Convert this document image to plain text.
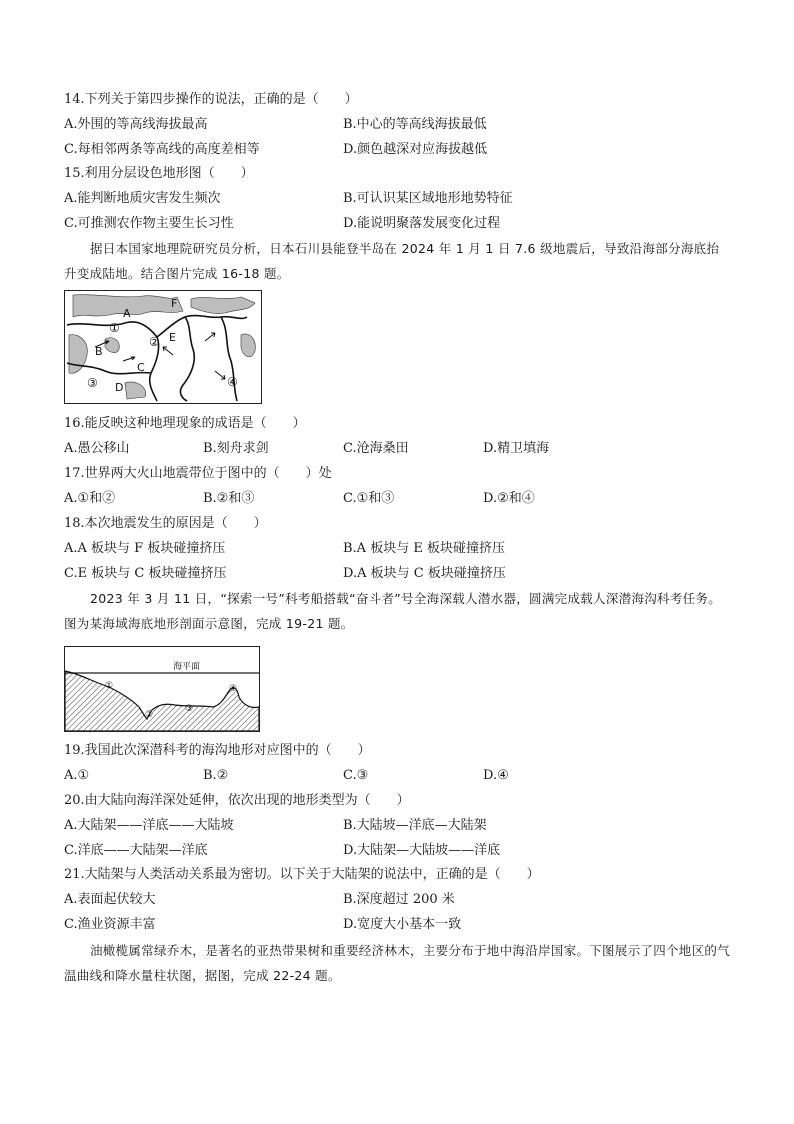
14.下列关于第四步操作的说法，正确的是（　　）
A.外围的等高线海拔最高	B.中心的等高线海拔最低
C.每相邻两条等高线的高度差相等	D.颜色越深对应海拔越低
15.利用分层设色地形图（　　）
A.能判断地质灾害发生频次	B.可认识某区域地形地势特征
C.可推测农作物主要生长习性	D.能说明聚落发展变化过程
据日本国家地理院研究员分析，日本石川县能登半岛在 2024 年 1 月 1 日 7.6 级地震后，导致沿海部分海底抬升变成陆地。结合图片完成 16-18 题。
A
B
C
D
E
F
①
②
③	④
16.能反映这种地理现象的成语是（　　）
A.愚公移山	B.刻舟求剑	C.沧海桑田	D.精卫填海
17.世界两大火山地震带位于图中的（　　）处
A.①和②	B.②和③	C.①和③	D.②和④
18.本次地震发生的原因是（　　）
A.A 板块与 F 板块碰撞挤压	B.A 板块与 E 板块碰撞挤压
C.E 板块与 C 板块碰撞挤压	D.A 板块与 C 板块碰撞挤压
2023 年 3 月 11 日，“探索一号”科考船搭载“奋斗者”号全海深载人潜水器，圆满完成载人深潜海沟科考任务。图为某海域海底地形剖面示意图，完成 19-21 题。
海平面
①
②
③
④
19.我国此次深潜科考的海沟地形对应图中的（　　）
A.①	B.②	C.③	D.④
20.由大陆向海洋深处延伸，依次出现的地形类型为（　　）
A.大陆架——洋底——大陆坡	B.大陆坡—洋底—大陆架
C.洋底——大陆架—洋底	D.大陆架—大陆坡——洋底
21.大陆架与人类活动关系最为密切。以下关于大陆架的说法中，正确的是（　　）
A.表面起伏较大	B.深度超过 200 米
C.渔业资源丰富	D.宽度大小基本一致
油橄榄属常绿乔木，是著名的亚热带果树和重要经济林木，主要分布于地中海沿岸国家。下图展示了四个地区的气温曲线和降水量柱状图，据图，完成 22-24 题。
